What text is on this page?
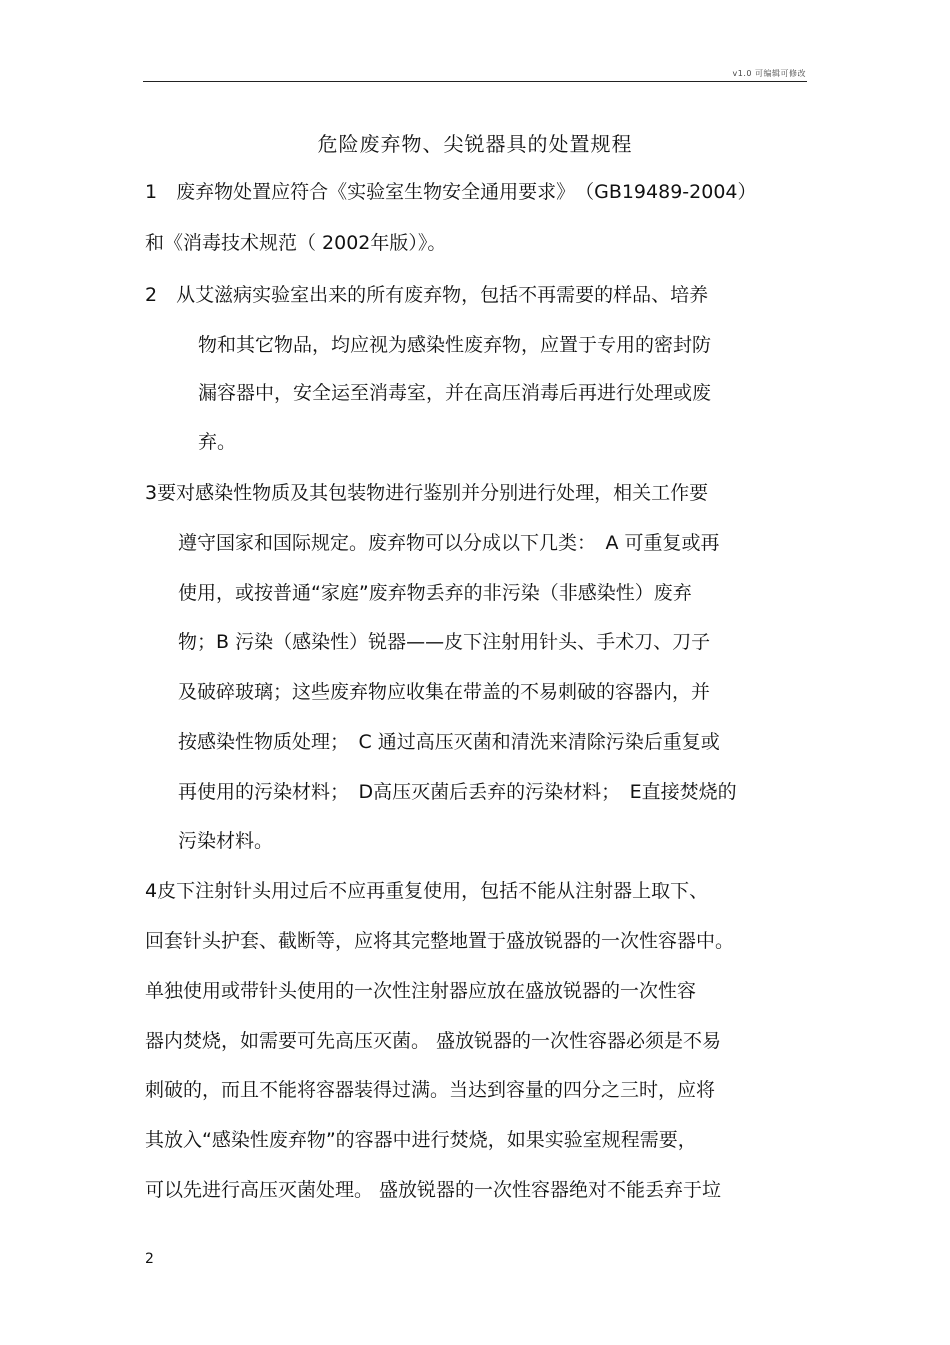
v1.0 可编辑可修改
危险废弃物、尖锐器具的处置规程
1　废弃物处置应符合《实验室生物安全通用要求》　（GB19489-2004）
和《消毒技术规范（ 2002年版）》。
2　从艾滋病实验室出来的所有废弃物，包括不再需要的样品、培养
物和其它物品，均应视为感染性废弃物，应置于专用的密封防
漏容器中，安全运至消毒室，并在高压消毒后再进行处理或废
弃。
3要对感染性物质及其包装物进行鉴别并分别进行处理，相关工作要
遵守国家和国际规定。废弃物可以分成以下几类：　A 可重复或再
使用，或按普通“家庭”废弃物丢弃的非污染（非感染性）废弃
物；B 污染（感染性）锐器——皮下注射用针头、手术刀、刀子
及破碎玻璃；这些废弃物应收集在带盖的不易刺破的容器内，并
按感染性物质处理；　C 通过高压灭菌和清洗来清除污染后重复或
再使用的污染材料；　D高压灭菌后丢弃的污染材料；　E直接焚烧的
污染材料。
4皮下注射针头用过后不应再重复使用，包括不能从注射器上取下、
回套针头护套、截断等，应将其完整地置于盛放锐器的一次性容器中。
单独使用或带针头使用的一次性注射器应放在盛放锐器的一次性容
器内焚烧，如需要可先高压灭菌。 盛放锐器的一次性容器必须是不易
刺破的，而且不能将容器装得过满。当达到容量的四分之三时，应将
其放入“感染性废弃物”的容器中进行焚烧，如果实验室规程需要，
可以先进行高压灭菌处理。 盛放锐器的一次性容器绝对不能丢弃于垃
2
